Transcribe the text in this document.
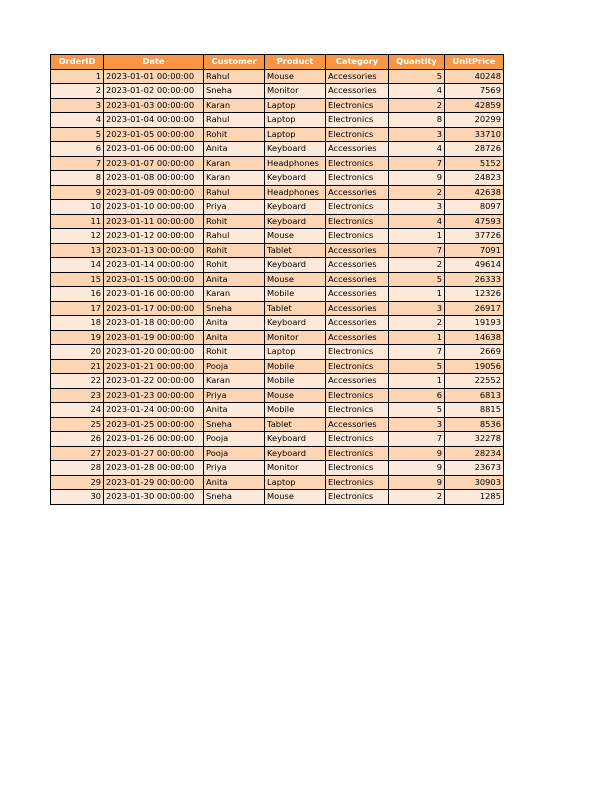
OrderID	Date	Customer	Product	Category	Quantity	UnitPrice
1	2023-01-01 00:00:00	Rahul	Mouse	Accessories	5	40248
2	2023-01-02 00:00:00	Sneha	Monitor	Accessories	4	7569
3	2023-01-03 00:00:00	Karan	Laptop	Electronics	2	42859
4	2023-01-04 00:00:00	Rahul	Laptop	Electronics	8	20299
5	2023-01-05 00:00:00	Rohit	Laptop	Electronics	3	33710
6	2023-01-06 00:00:00	Anita	Keyboard	Accessories	4	28726
7	2023-01-07 00:00:00	Karan	Headphones	Electronics	7	5152
8	2023-01-08 00:00:00	Karan	Keyboard	Electronics	9	24823
9	2023-01-09 00:00:00	Rahul	Headphones	Accessories	2	42638
10	2023-01-10 00:00:00	Priya	Keyboard	Electronics	3	8097
11	2023-01-11 00:00:00	Rohit	Keyboard	Electronics	4	47593
12	2023-01-12 00:00:00	Rahul	Mouse	Electronics	1	37726
13	2023-01-13 00:00:00	Rohit	Tablet	Accessories	7	7091
14	2023-01-14 00:00:00	Rohit	Keyboard	Accessories	2	49614
15	2023-01-15 00:00:00	Anita	Mouse	Accessories	5	26333
16	2023-01-16 00:00:00	Karan	Mobile	Accessories	1	12326
17	2023-01-17 00:00:00	Sneha	Tablet	Accessories	3	26917
18	2023-01-18 00:00:00	Anita	Keyboard	Accessories	2	19193
19	2023-01-19 00:00:00	Anita	Monitor	Accessories	1	14638
20	2023-01-20 00:00:00	Rohit	Laptop	Electronics	7	2669
21	2023-01-21 00:00:00	Pooja	Mobile	Electronics	5	19056
22	2023-01-22 00:00:00	Karan	Mobile	Accessories	1	22552
23	2023-01-23 00:00:00	Priya	Mouse	Electronics	6	6813
24	2023-01-24 00:00:00	Anita	Mobile	Electronics	5	8815
25	2023-01-25 00:00:00	Sneha	Tablet	Accessories	3	8536
26	2023-01-26 00:00:00	Pooja	Keyboard	Electronics	7	32278
27	2023-01-27 00:00:00	Pooja	Keyboard	Electronics	9	28234
28	2023-01-28 00:00:00	Priya	Monitor	Electronics	9	23673
29	2023-01-29 00:00:00	Anita	Laptop	Electronics	9	30903
30	2023-01-30 00:00:00	Sneha	Mouse	Electronics	2	1285
